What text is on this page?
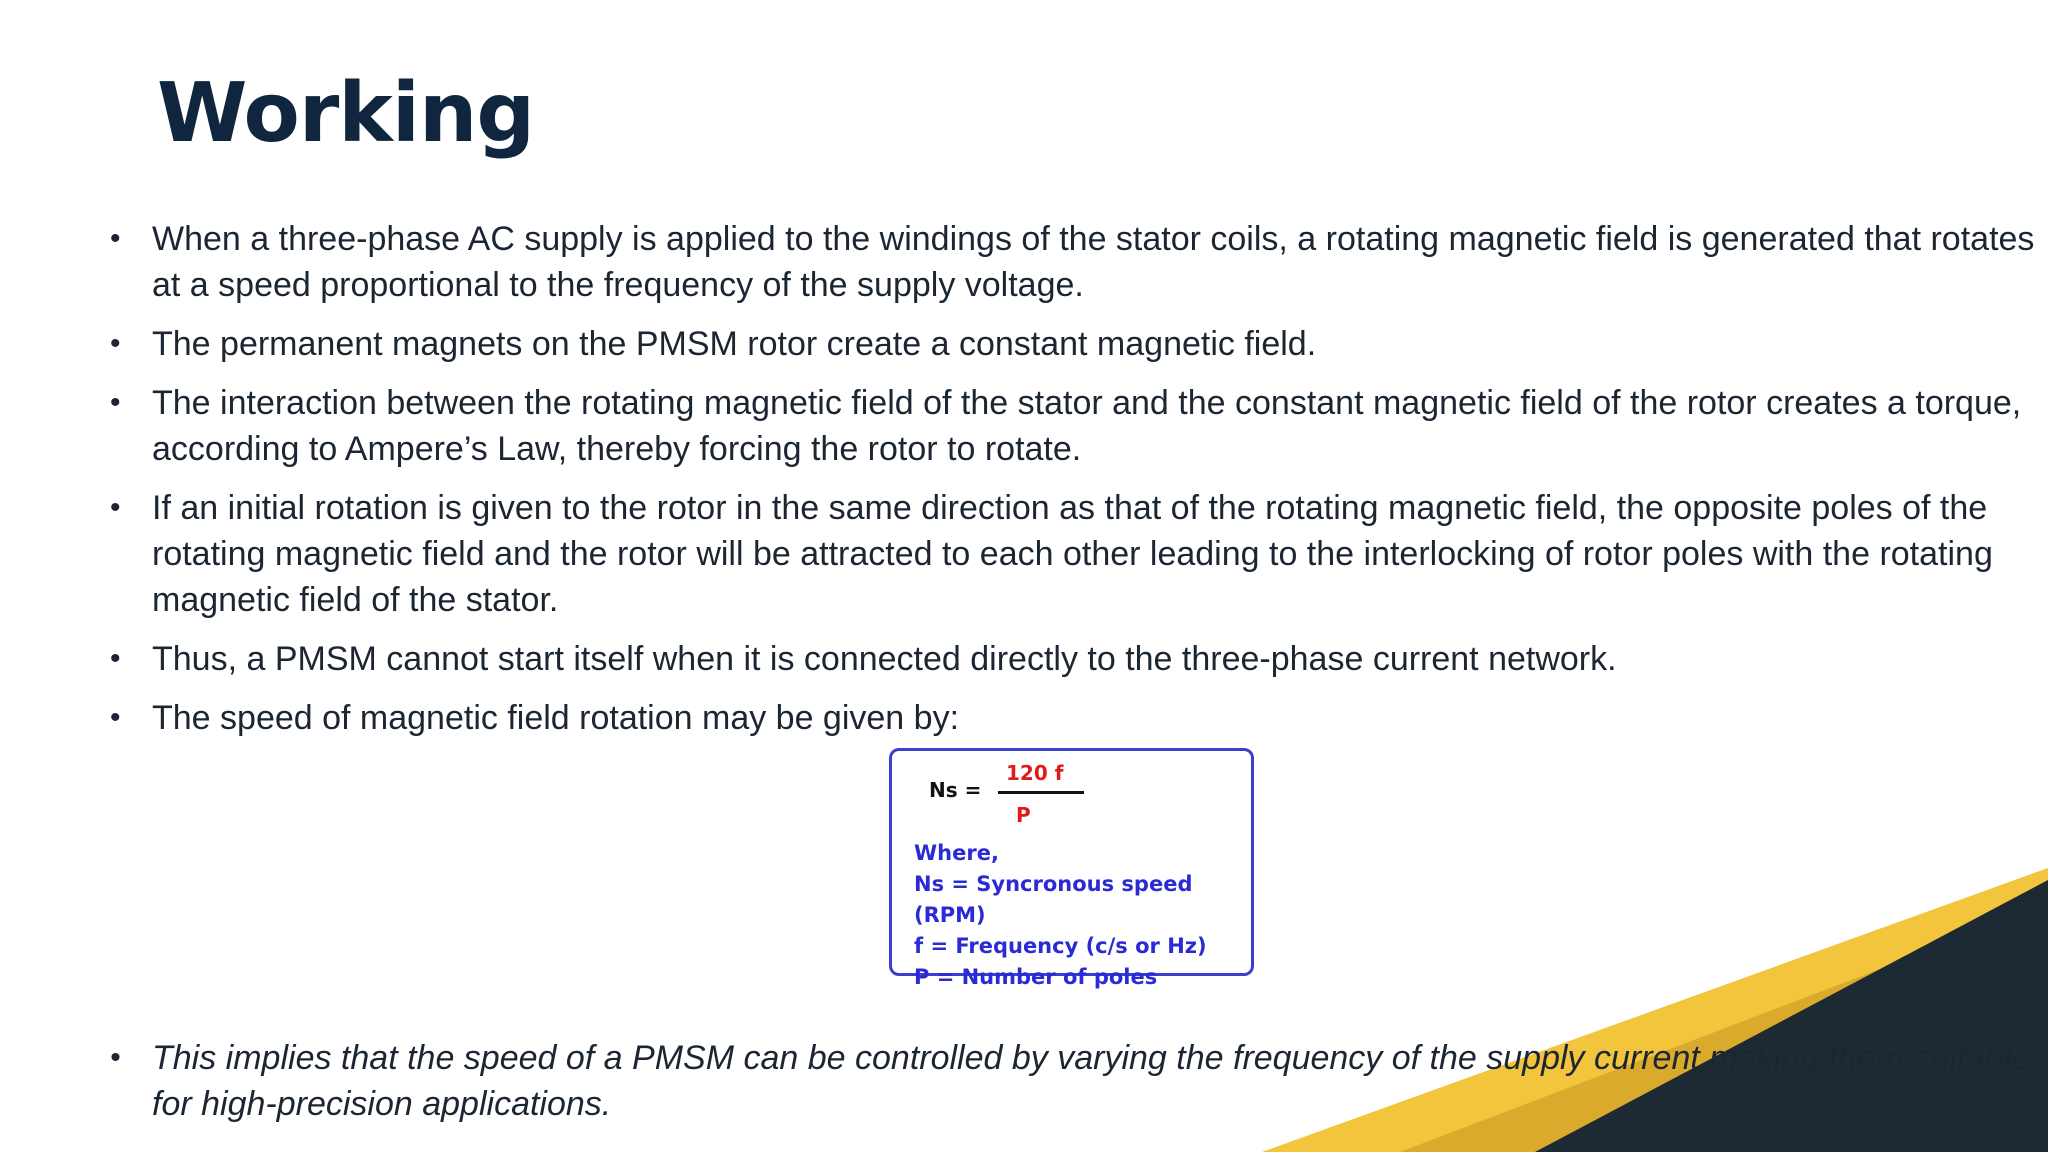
Working
• When a three-phase AC supply is applied to the windings of the stator coils, a rotating magnetic field is generated that rotates at a speed proportional to the frequency of the supply voltage.
• The permanent magnets on the PMSM rotor create a constant magnetic field.
• The interaction between the rotating magnetic field of the stator and the constant magnetic field of the rotor creates a torque, according to Ampere’s Law, thereby forcing the rotor to rotate.
• If an initial rotation is given to the rotor in the same direction as that of the rotating magnetic field, the opposite poles of the rotating magnetic field and the rotor will be attracted to each other leading to the interlocking of rotor poles with the rotating magnetic field of the stator.
• Thus, a PMSM cannot start itself when it is connected directly to the three-phase current network.
• The speed of magnetic field rotation may be given by:
• This implies that the speed of a PMSM can be controlled by varying the frequency of the supply current making them suitable for high-precision applications.
Ns =
120 f
P
Where,
Ns = Syncronous speed (RPM)
f = Frequency (c/s or Hz)
P = Number of poles
